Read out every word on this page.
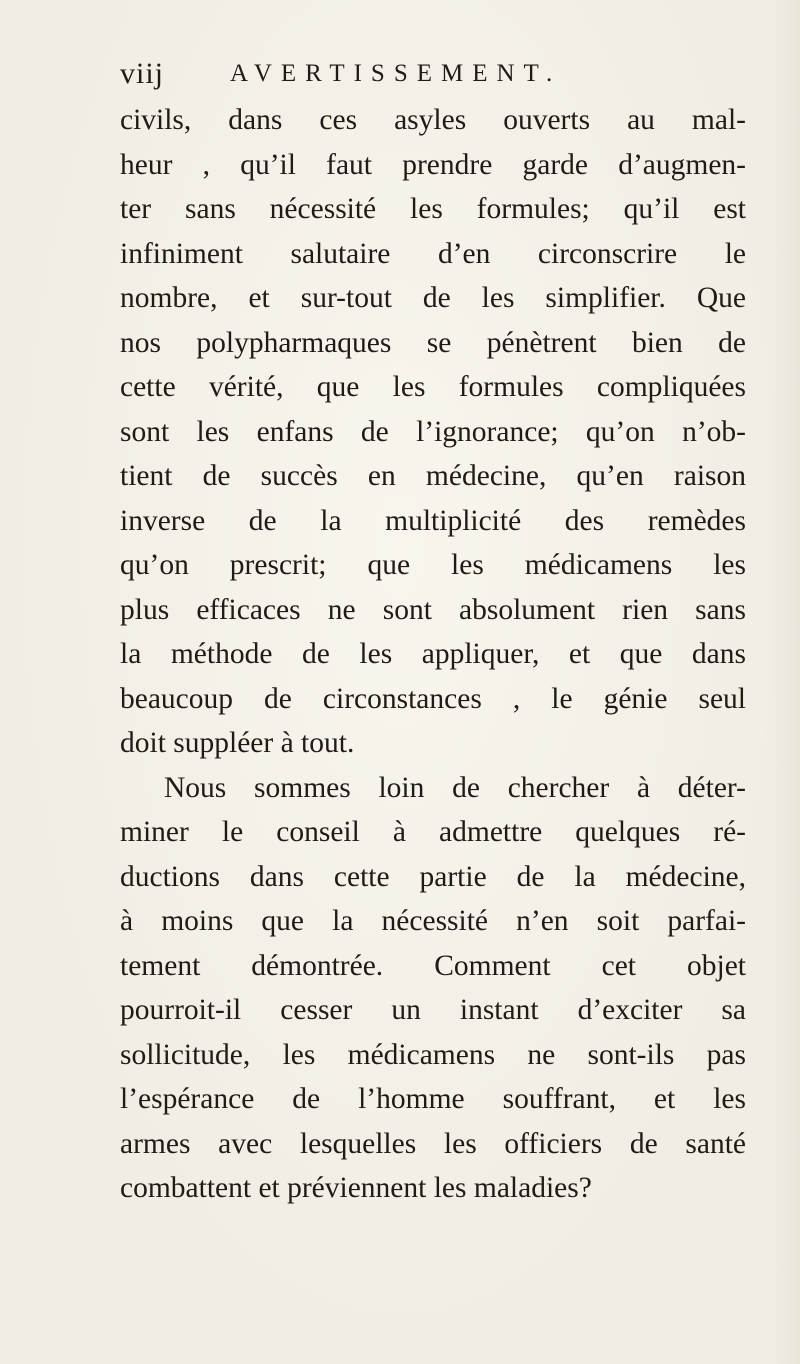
viij	AVERTISSEMENT.
civils, dans ces asyles ouverts au mal-
heur , qu’il faut prendre garde d’augmen-
ter sans nécessité les formules; qu’il est
infiniment salutaire d’en circonscrire le
nombre, et sur-tout de les simplifier. Que
nos polypharmaques se pénètrent bien de
cette vérité, que les formules compliquées
sont les enfans de l’ignorance; qu’on n’ob-
tient de succès en médecine, qu’en raison
inverse de la multiplicité des remèdes
qu’on prescrit; que les médicamens les
plus efficaces ne sont absolument rien sans
la méthode de les appliquer, et que dans
beaucoup de circonstances , le génie seul
doit suppléer à tout.
Nous sommes loin de chercher à déter-
miner le conseil à admettre quelques ré-
ductions dans cette partie de la médecine,
à moins que la nécessité n’en soit parfai-
tement démontrée. Comment cet objet
pourroit-il cesser un instant d’exciter sa
sollicitude, les médicamens ne sont-ils pas
l’espérance de l’homme souffrant, et les
armes avec lesquelles les officiers de santé
combattent et préviennent les maladies?
